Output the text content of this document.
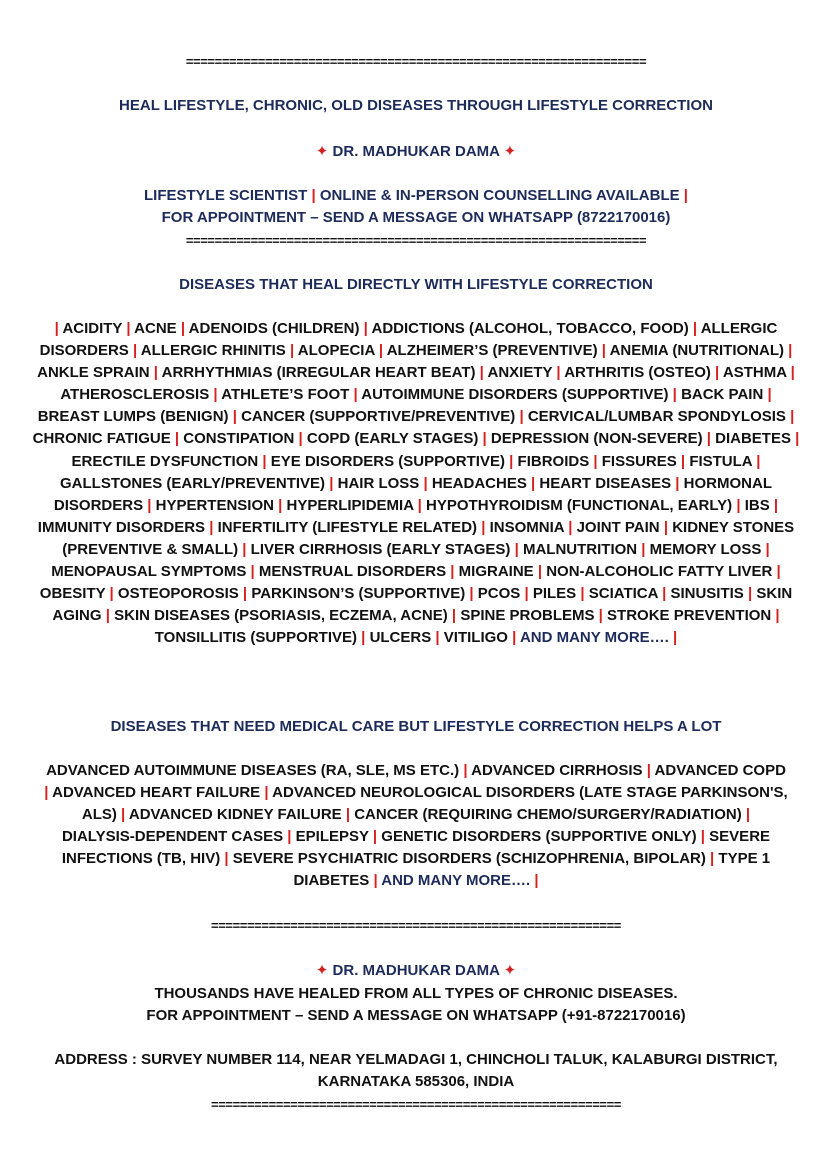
================================================================
HEAL LIFESTYLE, CHRONIC, OLD DISEASES THROUGH LIFESTYLE CORRECTION
✦ DR. MADHUKAR DAMA ✦
LIFESTYLE SCIENTIST | ONLINE & IN-PERSON COUNSELLING AVAILABLE |
FOR APPOINTMENT – SEND A MESSAGE ON WHATSAPP (8722170016)
================================================================
DISEASES THAT HEAL DIRECTLY WITH LIFESTYLE CORRECTION
| ACIDITY | ACNE | ADENOIDS (CHILDREN) | ADDICTIONS (ALCOHOL, TOBACCO, FOOD) | ALLERGIC DISORDERS | ALLERGIC RHINITIS | ALOPECIA | ALZHEIMER’S (PREVENTIVE) | ANEMIA (NUTRITIONAL) | ANKLE SPRAIN | ARRHYTHMIAS (IRREGULAR HEART BEAT) | ANXIETY | ARTHRITIS (OSTEO) | ASTHMA | ATHEROSCLEROSIS | ATHLETE’S FOOT | AUTOIMMUNE DISORDERS (SUPPORTIVE) | BACK PAIN | BREAST LUMPS (BENIGN) | CANCER (SUPPORTIVE/PREVENTIVE) | CERVICAL/LUMBAR SPONDYLOSIS | CHRONIC FATIGUE | CONSTIPATION | COPD (EARLY STAGES) | DEPRESSION (NON-SEVERE) | DIABETES | ERECTILE DYSFUNCTION | EYE DISORDERS (SUPPORTIVE) | FIBROIDS | FISSURES | FISTULA | GALLSTONES (EARLY/PREVENTIVE) | HAIR LOSS | HEADACHES | HEART DISEASES | HORMONAL DISORDERS | HYPERTENSION | HYPERLIPIDEMIA | HYPOTHYROIDISM (FUNCTIONAL, EARLY) | IBS | IMMUNITY DISORDERS | INFERTILITY (LIFESTYLE RELATED) | INSOMNIA | JOINT PAIN | KIDNEY STONES (PREVENTIVE & SMALL) | LIVER CIRRHOSIS (EARLY STAGES) | MALNUTRITION | MEMORY LOSS | MENOPAUSAL SYMPTOMS | MENSTRUAL DISORDERS | MIGRAINE | NON-ALCOHOLIC FATTY LIVER | OBESITY | OSTEOPOROSIS | PARKINSON’S (SUPPORTIVE) | PCOS | PILES | SCIATICA | SINUSITIS | SKIN AGING | SKIN DISEASES (PSORIASIS, ECZEMA, ACNE) | SPINE PROBLEMS | STROKE PREVENTION | TONSILLITIS (SUPPORTIVE) | ULCERS | VITILIGO | AND MANY MORE…. |
DISEASES THAT NEED MEDICAL CARE BUT LIFESTYLE CORRECTION HELPS A LOT
ADVANCED AUTOIMMUNE DISEASES (RA, SLE, MS ETC.) | ADVANCED CIRRHOSIS | ADVANCED COPD | ADVANCED HEART FAILURE | ADVANCED NEUROLOGICAL DISORDERS (LATE STAGE PARKINSON'S, ALS) | ADVANCED KIDNEY FAILURE | CANCER (REQUIRING CHEMO/SURGERY/RADIATION) | DIALYSIS-DEPENDENT CASES | EPILEPSY | GENETIC DISORDERS (SUPPORTIVE ONLY) | SEVERE INFECTIONS (TB, HIV) | SEVERE PSYCHIATRIC DISORDERS (SCHIZOPHRENIA, BIPOLAR) | TYPE 1 DIABETES | AND MANY MORE…. |
=========================================================
✦ DR. MADHUKAR DAMA ✦
THOUSANDS HAVE HEALED FROM ALL TYPES OF CHRONIC DISEASES.
FOR APPOINTMENT – SEND A MESSAGE ON WHATSAPP (+91-8722170016)
ADDRESS : SURVEY NUMBER 114, NEAR YELMADAGI 1, CHINCHOLI TALUK, KALABURGI DISTRICT,
KARNATAKA 585306, INDIA
=========================================================
